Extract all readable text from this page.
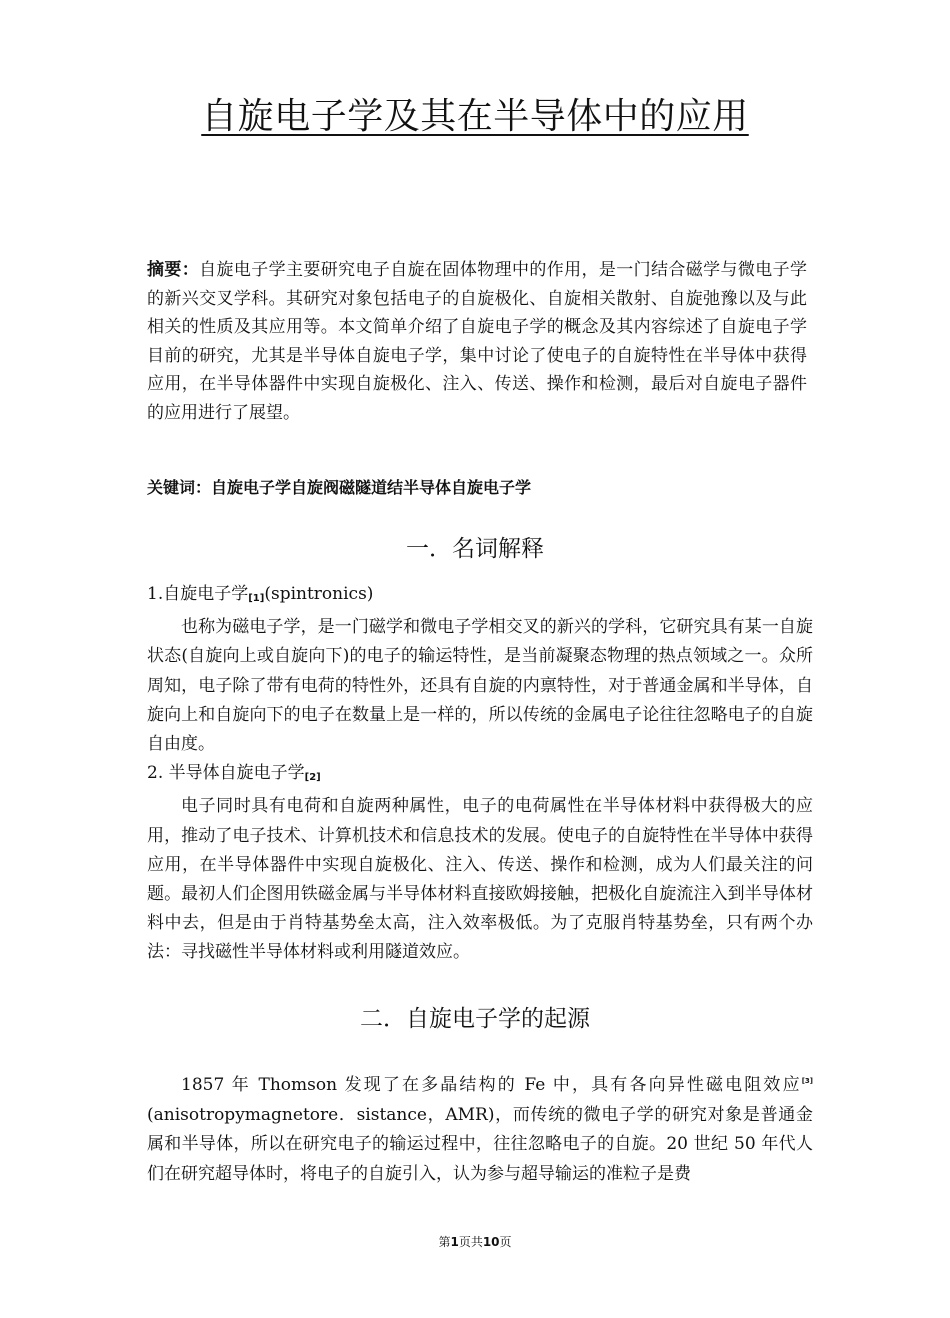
自旋电子学及其在半导体中的应用
摘要：自旋电子学主要研究电子自旋在固体物理中的作用，是一门结合磁学与微电子学的新兴交叉学科。其研究对象包括电子的自旋极化、自旋相关散射、自旋弛豫以及与此相关的性质及其应用等。本文简单介绍了自旋电子学的概念及其内容综述了自旋电子学目前的研究，尤其是半导体自旋电子学，集中讨论了使电子的自旋特性在半导体中获得应用，在半导体器件中实现自旋极化、注入、传送、操作和检测，最后对自旋电子器件的应用进行了展望。
关键词：自旋电子学自旋阀磁隧道结半导体自旋电子学
一．名词解释

1.自旋电子学[1](spintronics)

也称为磁电子学，是一门磁学和微电子学相交叉的新兴的学科，它研究具有某一自旋状态(自旋向上或自旋向下)的电子的输运特性，是当前凝聚态物理的热点领域之一。众所周知，电子除了带有电荷的特性外，还具有自旋的内禀特性，对于普通金属和半导体，自旋向上和自旋向下的电子在数量上是一样的，所以传统的金属电子论往往忽略电子的自旋自由度。

2. 半导体自旋电子学[2]

电子同时具有电荷和自旋两种属性，电子的电荷属性在半导体材料中获得极大的应用，推动了电子技术、计算机技术和信息技术的发展。使电子的自旋特性在半导体中获得应用，在半导体器件中实现自旋极化、注入、传送、操作和检测，成为人们最关注的问题。最初人们企图用铁磁金属与半导体材料直接欧姆接触，把极化自旋流注入到半导体材料中去，但是由于肖特基势垒太高，注入效率极低。为了克服肖特基势垒，只有两个办法：寻找磁性半导体材料或利用隧道效应。

二．自旋电子学的起源

1857 年 Thomson 发现了在多晶结构的 Fe 中，具有各向异性磁电阻效应[3](anisotropymagnetore．sistance，AMR)，而传统的微电子学的研究对象是普通金属和半导体，所以在研究电子的输运过程中，往往忽略电子的自旋。20 世纪 50 年代人们在研究超导体时，将电子的自旋引入，认为参与超导输运的准粒子是费

第1页共10页
